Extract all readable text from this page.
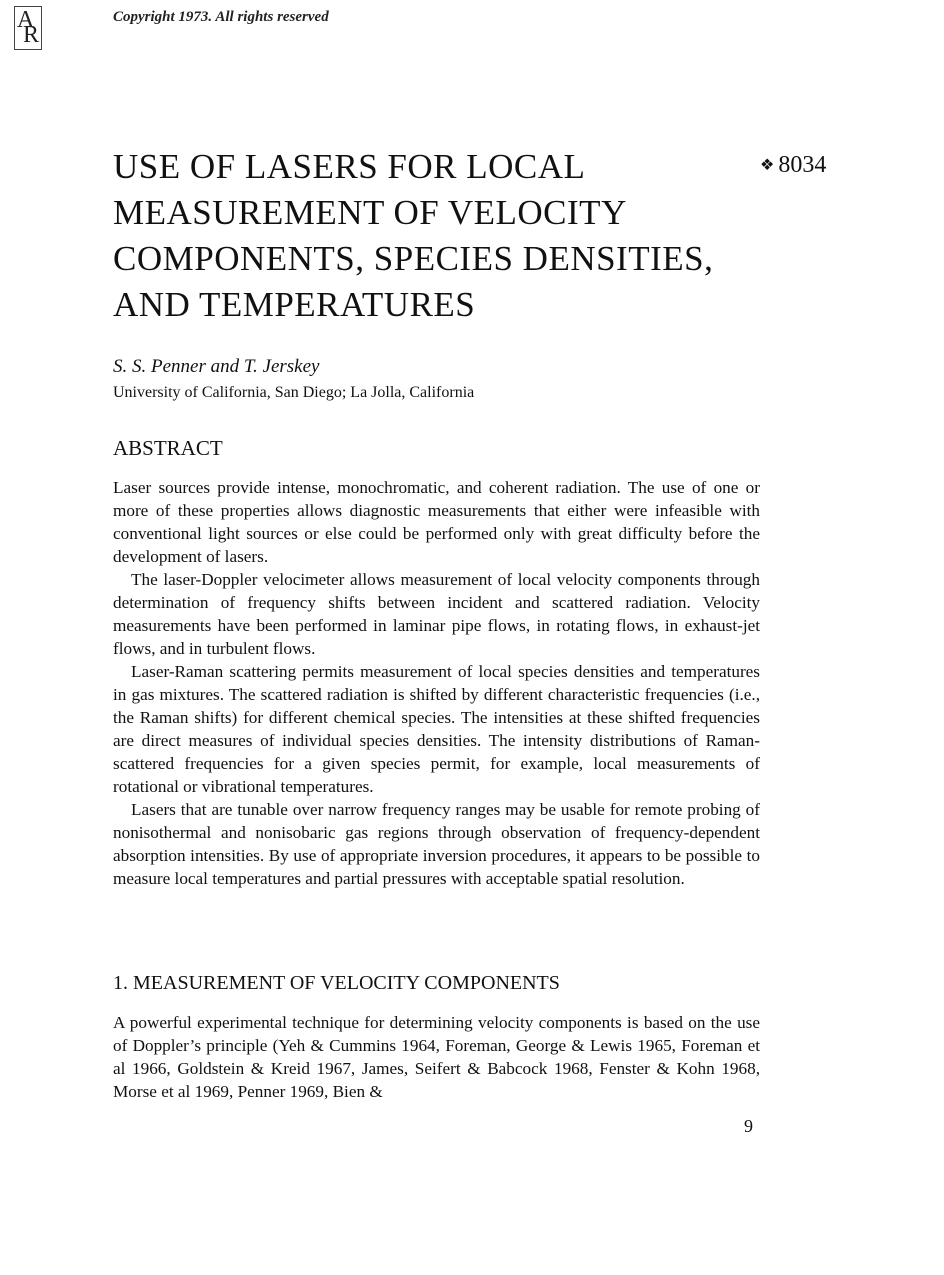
A
R
Copyright 1973. All rights reserved
USE OF LASERS FOR LOCAL MEASUREMENT OF VELOCITY COMPONENTS, SPECIES DENSITIES, AND TEMPERATURES
❖ 8034
S. S. Penner and T. Jerskey
University of California, San Diego; La Jolla, California
ABSTRACT

Laser sources provide intense, monochromatic, and coherent radiation. The use of one or more of these properties allows diagnostic measurements that either were infeasible with conventional light sources or else could be performed only with great difficulty before the development of lasers.

The laser-Doppler velocimeter allows measurement of local velocity components through determination of frequency shifts between incident and scattered radiation. Velocity measurements have been performed in laminar pipe flows, in rotating flows, in exhaust-jet flows, and in turbulent flows.

Laser-Raman scattering permits measurement of local species densities and temperatures in gas mixtures. The scattered radiation is shifted by different characteristic frequencies (i.e., the Raman shifts) for different chemical species. The intensities at these shifted frequencies are direct measures of individual species densities. The intensity distributions of Raman-scattered frequencies for a given species permit, for example, local measurements of rotational or vibrational temperatures.

Lasers that are tunable over narrow frequency ranges may be usable for remote probing of nonisothermal and nonisobaric gas regions through observation of frequency-dependent absorption intensities. By use of appropriate inversion procedures, it appears to be possible to measure local temperatures and partial pressures with acceptable spatial resolution.

1. MEASUREMENT OF VELOCITY COMPONENTS

A powerful experimental technique for determining velocity components is based on the use of Doppler’s principle (Yeh & Cummins 1964, Foreman, George & Lewis 1965, Foreman et al 1966, Goldstein & Kreid 1967, James, Seifert & Babcock 1968, Fenster & Kohn 1968, Morse et al 1969, Penner 1969, Bien &

9
